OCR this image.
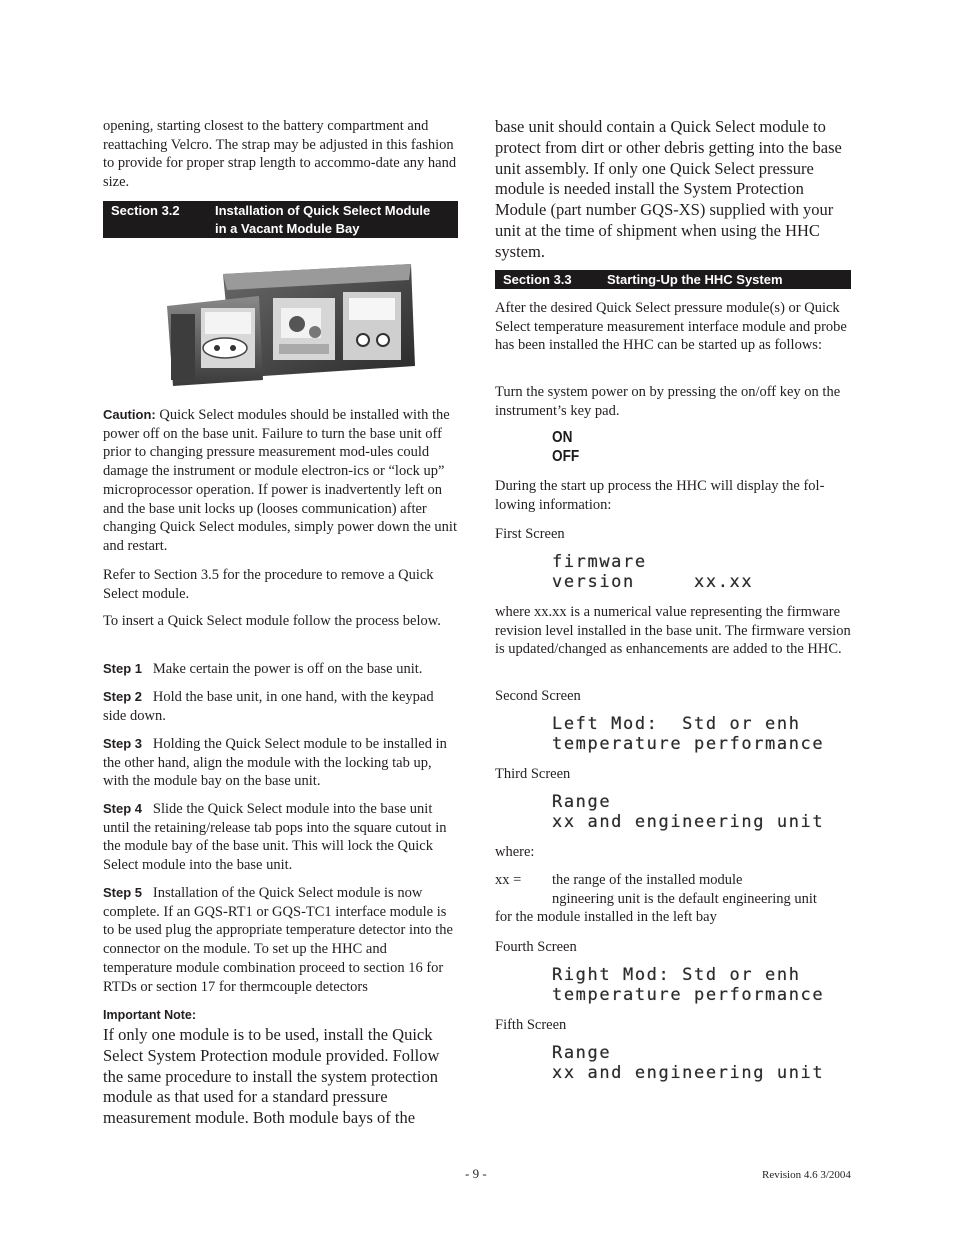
opening, starting closest to the battery compartment and reattaching Velcro. The strap may be adjusted in this fashion to provide for proper strap length to accommo-date any hand size.

Section 3.2	Installation of Quick Select Module
in a Vacant Module Bay

Caution: Quick Select modules should be installed with the power off on the base unit. Failure to turn the base unit off prior to changing pressure measurement mod-ules could damage the instrument or module electron-ics or “lock up” microprocessor operation. If power is inadvertently left on and the base unit locks up (looses communication) after changing Quick Select modules, simply power down the unit and restart.

Refer to Section 3.5 for the procedure to remove a Quick Select module.

To insert a Quick Select module follow the process below.

Step 1 Make certain the power is off on the base unit.

Step 2 Hold the base unit, in one hand, with the keypad side down.

Step 3 Holding the Quick Select module to be installed in the other hand, align the module with the locking tab up, with the module bay on the base unit.

Step 4 Slide the Quick Select module into the base unit until the retaining/release tab pops into the square cutout in the module bay of the base unit. This will lock the Quick Select module into the base unit.

Step 5 Installation of the Quick Select module is now complete. If an GQS-RT1 or GQS-TC1 interface module is to be used plug the appropriate temperature detector into the connector on the module. To set up the HHC and temperature module combination proceed to section 16 for RTDs or section 17 for thermcouple detectors

Important Note:

If only one module is to be used, install the Quick Select System Protection module provided. Follow the same procedure to install the system protection module as that used for a standard pressure measurement module. Both module bays of the

base unit should contain a Quick Select module to protect from dirt or other debris getting into the base unit assembly. If only one Quick Select pressure module is needed install the System Protection Module (part number GQS-XS) supplied with your unit at the time of shipment when using the HHC system.

Section 3.3	Starting-Up the HHC System

After the desired Quick Select pressure module(s) or Quick Select temperature measurement interface module and probe has been installed the HHC can be started up as follows:

Turn the system power on by pressing the on/off key on the instrument’s key pad.

ON
OFF

During the start up process the HHC will display the fol-lowing information:

First Screen

firmware
version     xx.xx

where xx.xx is a numerical value representing the firmware revision level installed in the base unit. The firmware version is updated/changed as enhancements are added to the HHC.

Second Screen

Left Mod:  Std or enh
temperature performance

Third Screen

Range
xx and engineering unit

where:

xx = the range of the installed module

ngineering unit is the default engineering unit

for the module installed in the left bay

Fourth Screen

Right Mod: Std or enh
temperature performance

Fifth Screen

Range
xx and engineering unit
- 9 -	Revision 4.6 3/2004
